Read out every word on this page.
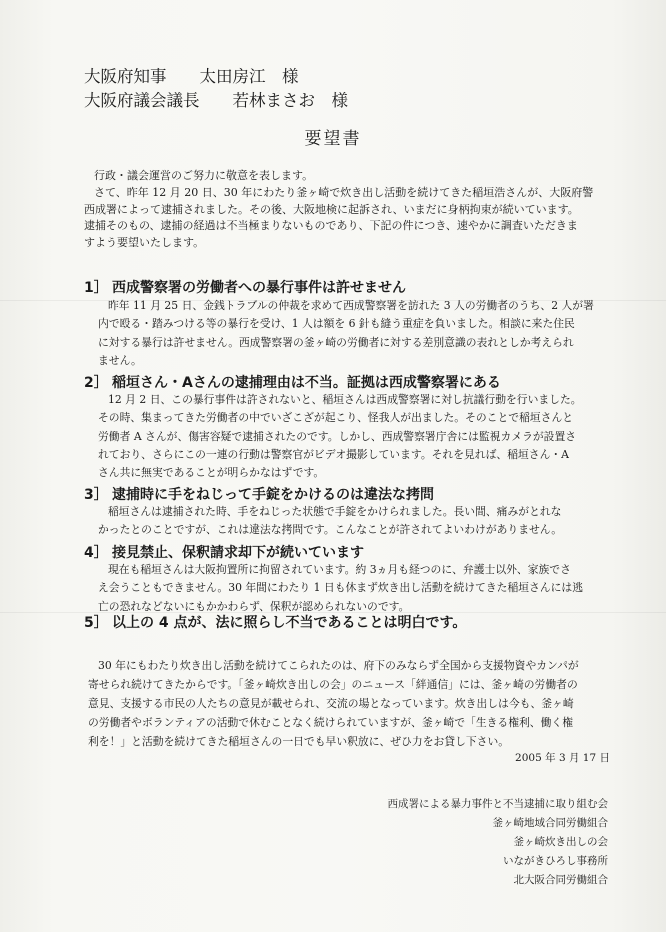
大阪府知事　　 太田房江　 様
大阪府議会議長　　 若林まさお　 様
要望書
行政・議会運営のご努力に敬意を表します。
さて、昨年 12 月 20 日、30 年にわたり釜ヶ崎で炊き出し活動を続けてきた稲垣浩さんが、大阪府警
西成署によって逮捕されました。その後、大阪地検に起訴され、いまだに身柄拘束が続いています。
逮捕そのもの、逮捕の経過は不当極まりないものであり、下記の件につき、速やかに調査いただきま
すよう要望いたします。
1］ 西成警察署の労働者への暴行事件は許せません
昨年 11 月 25 日、金銭トラブルの仲裁を求めて西成警察署を訪れた 3 人の労働者のうち、2 人が署
内で殴る・踏みつける等の暴行を受け、1 人は額を 6 針も縫う重症を負いました。相談に来た住民
に対する暴行は許せません。西成警察署の釜ヶ崎の労働者に対する差別意識の表れとしか考えられ
ません。
2］ 稲垣さん・Aさんの逮捕理由は不当。証拠は西成警察署にある
12 月 2 日、この暴行事件は許されないと、稲垣さんは西成警察署に対し抗議行動を行いました。
その時、集まってきた労働者の中でいざこざが起こり、怪我人が出ました。そのことで稲垣さんと
労働者 A さんが、傷害容疑で逮捕されたのです。しかし、西成警察署庁舎には監視カメラが設置さ
れており、さらにこの一連の行動は警察官がビデオ撮影しています。それを見れば、稲垣さん・A
さん共に無実であることが明らかなはずです。
3］ 逮捕時に手をねじって手錠をかけるのは違法な拷問
稲垣さんは逮捕された時、手をねじった状態で手錠をかけられました。長い間、痛みがとれな
かったとのことですが、これは違法な拷問です。こんなことが許されてよいわけがありません。
4］ 接見禁止、保釈請求却下が続いています
現在も稲垣さんは大阪拘置所に拘留されています。約 3ヵ月も経つのに、弁護士以外、家族でさ
え会うこともできません。30 年間にわたり 1 日も休まず炊き出し活動を続けてきた稲垣さんには逃
亡の恐れなどないにもかかわらず、保釈が認められないのです。
5］ 以上の 4 点が、法に照らし不当であることは明白です。
30 年にもわたり炊き出し活動を続けてこられたのは、府下のみならず全国から支援物資やカンパが
寄せられ続けてきたからです。「釜ヶ崎炊き出しの会」のニュース「絆通信」には、釜ヶ崎の労働者の
意見、支援する市民の人たちの意見が載せられ、交流の場となっています。炊き出しは今も、釜ヶ崎
の労働者やボランティアの活動で休むことなく続けられていますが、釜ヶ崎で「生きる権利、働く権
利を！」と活動を続けてきた稲垣さんの一日でも早い釈放に、ぜひ力をお貸し下さい。
2005 年 3 月 17 日
西成署による暴力事件と不当逮捕に取り組む会
釜ヶ崎地域合同労働組合
釜ヶ崎炊き出しの会
いながきひろし事務所
北大阪合同労働組合
